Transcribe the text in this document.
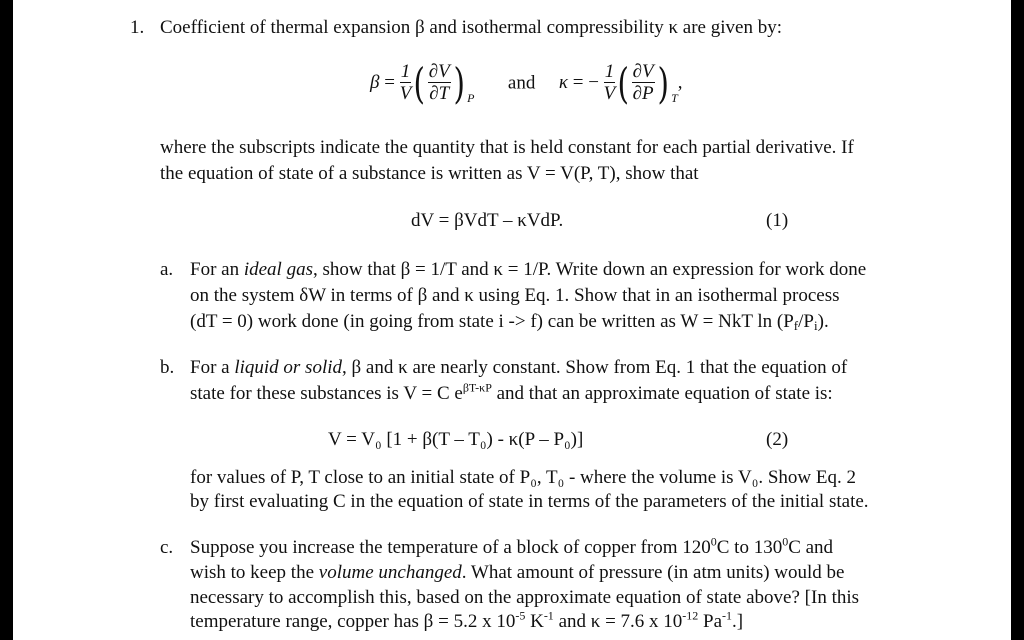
1. Coefficient of thermal expansion β and isothermal compressibility κ are given by:
$\beta = \frac{1}{V}$ ( $\frac{\partial V}{\partial T}$ ) $_P$  and κ = − $\frac{1}{V}$ ( $\frac{\partial V}{\partial P}$ ) $_T$,
where the subscripts indicate the quantity that is held constant for each partial derivative. If
the equation of state of a substance is written as V = V(P, T), show that
dV = βVdT – κVdP.	(1)
a. For an ideal gas, show that β = 1/T and κ = 1/P. Write down an expression for work done
on the system δW in terms of β and κ using Eq. 1. Show that in an isothermal process
(dT = 0) work done (in going from state i -> f) can be written as W = NkT ln (Pf/Pi).
b. For a liquid or solid, β and κ are nearly constant. Show from Eq. 1 that the equation of
state for these substances is V = C $e^{\beta T-\kappa P}$ and that an approximate equation of state is:
V = V₀ [1 + β(T – T₀) - κ(P – P₀)]	(2)
for values of P, T close to an initial state of P₀, T₀ - where the volume is V₀. Show Eq. 2
by first evaluating C in the equation of state in terms of the parameters of the initial state.
c. Suppose you increase the temperature of a block of copper from $120^0C$ to $130^0C$ and
wish to keep the volume unchanged. What amount of pressure (in atm units) would be
necessary to accomplish this, based on the approximate equation of state above? [In this
temperature range, copper has β = 5.2 x $10^{-5}$ $K^{-1}$ and κ = 7.6 x $10^{-12}$ $Pa^{-1}$.]
